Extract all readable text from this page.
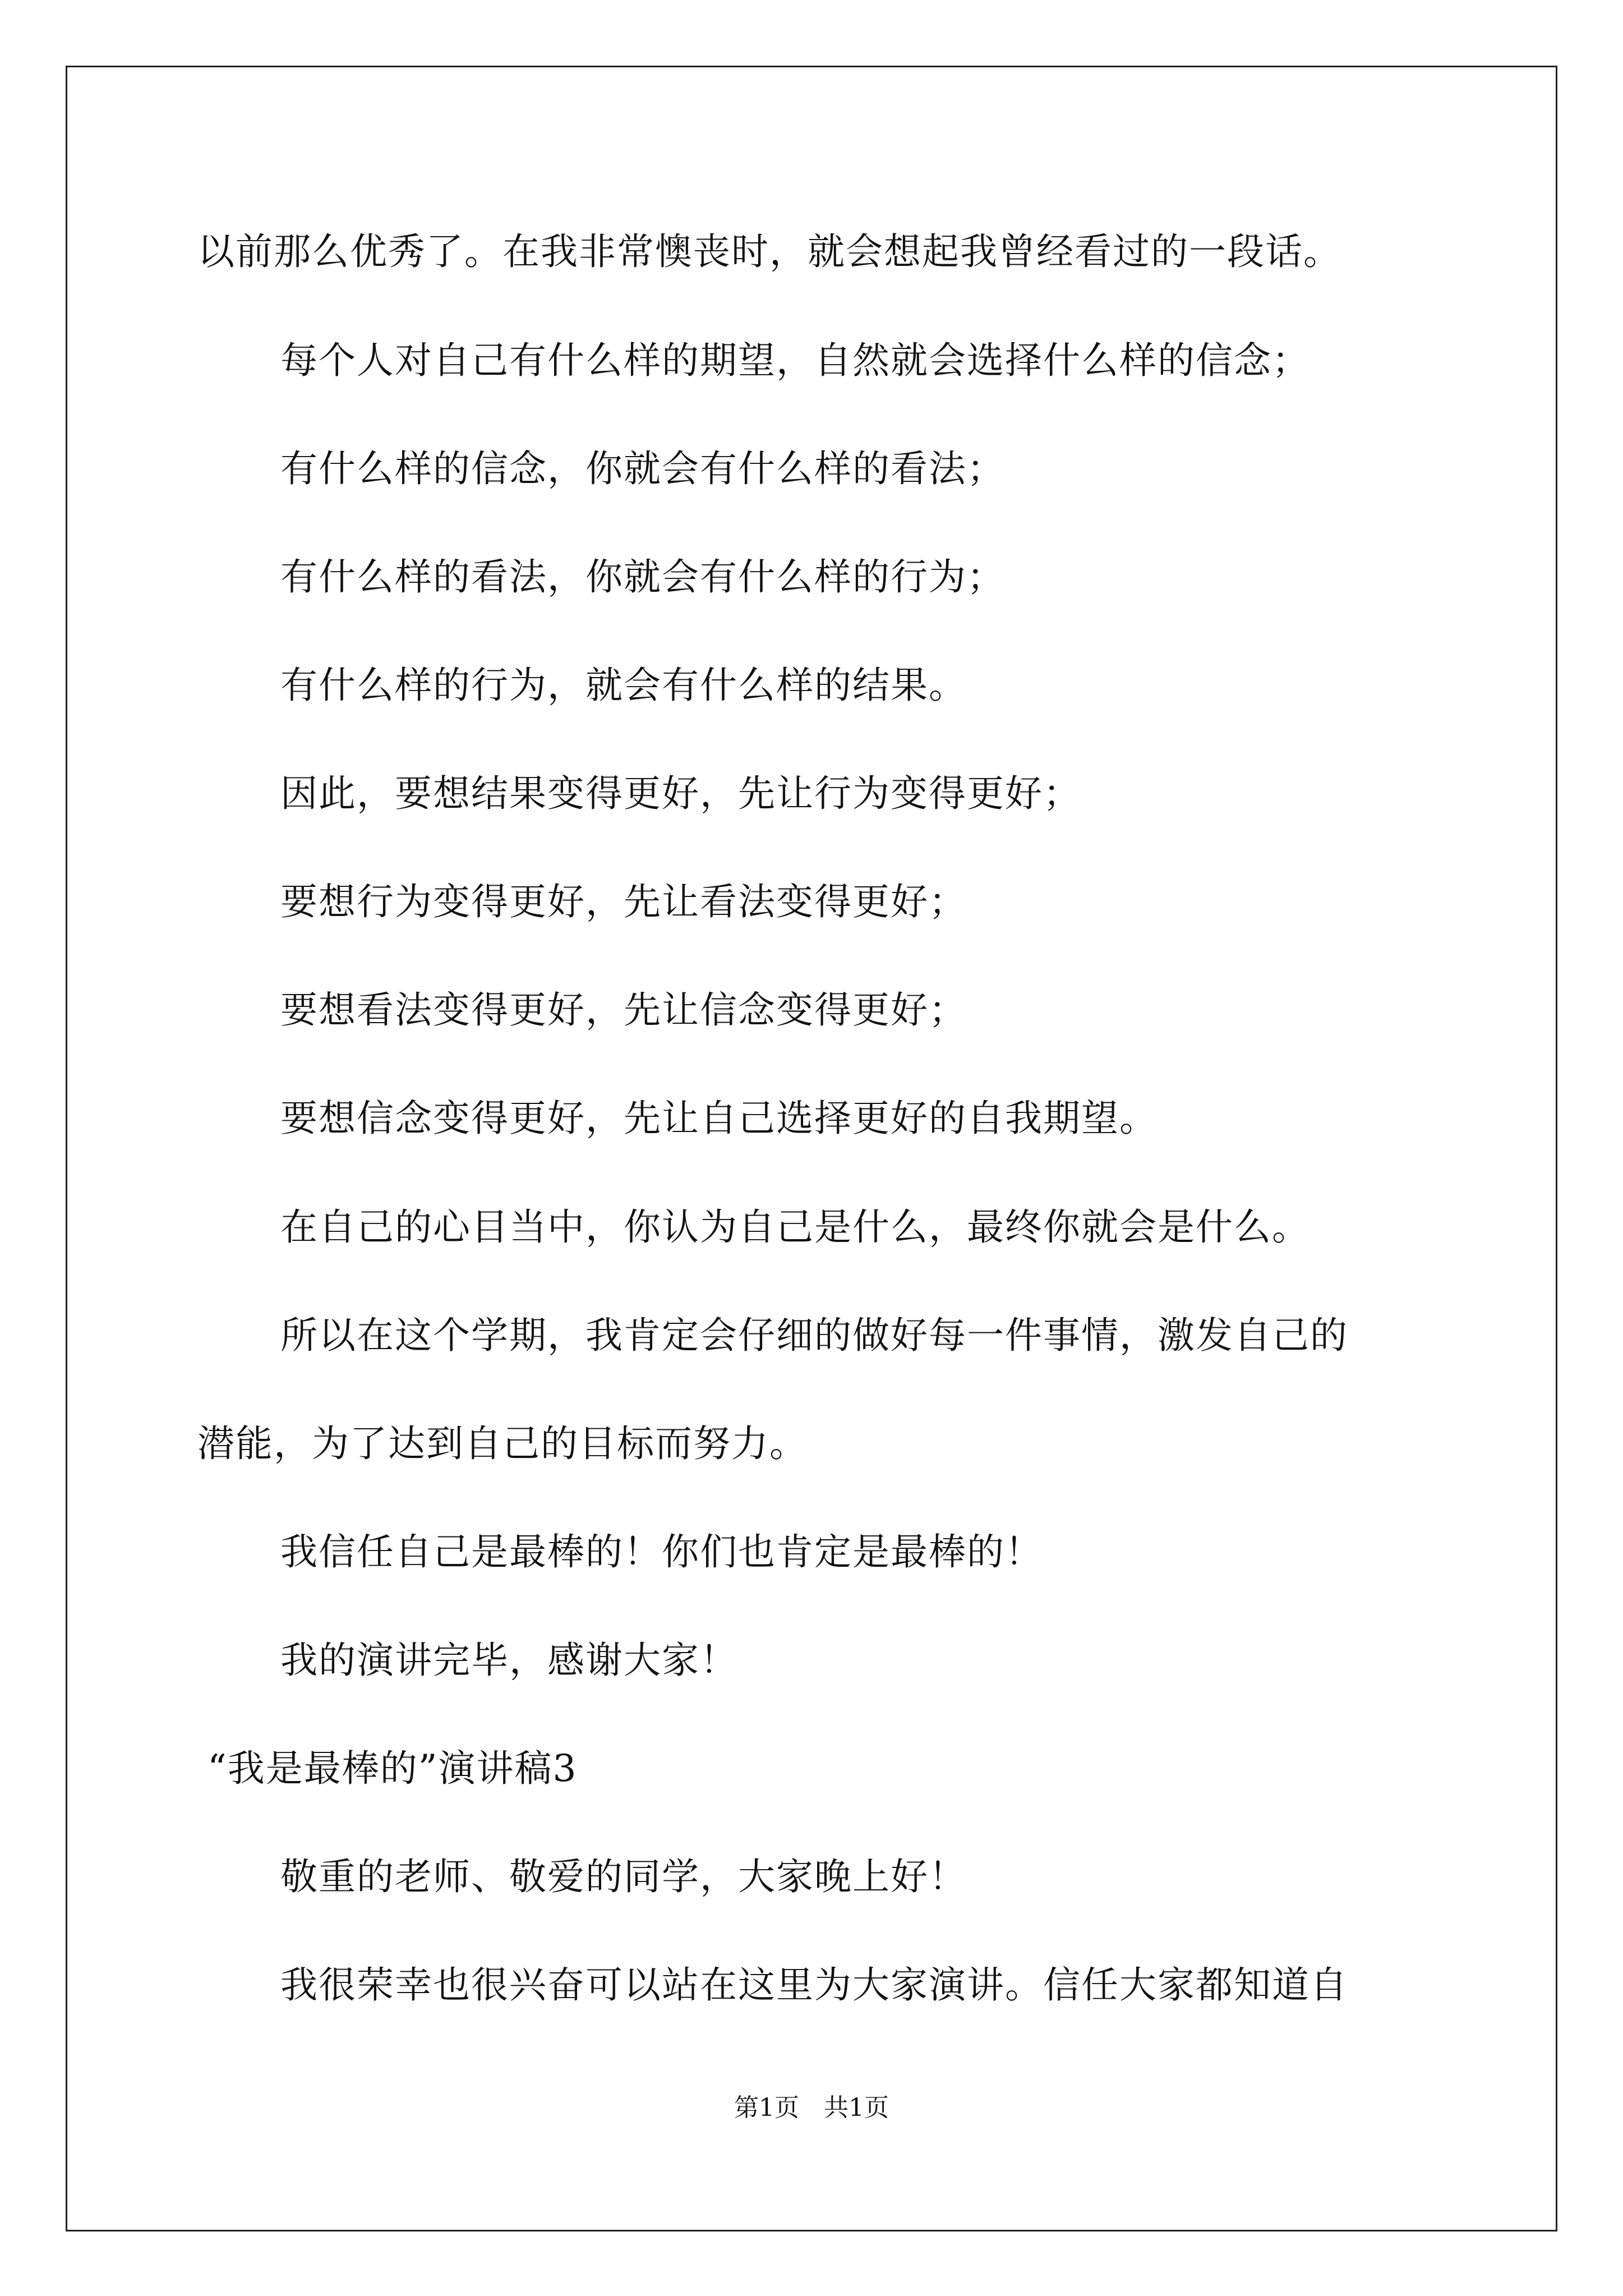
以前那么优秀了。在我非常懊丧时，就会想起我曾经看过的一段话。
每个人对自己有什么样的期望，自然就会选择什么样的信念；
有什么样的信念，你就会有什么样的看法；
有什么样的看法，你就会有什么样的行为；
有什么样的行为，就会有什么样的结果。
因此，要想结果变得更好，先让行为变得更好；
要想行为变得更好，先让看法变得更好；
要想看法变得更好，先让信念变得更好；
要想信念变得更好，先让自己选择更好的自我期望。
在自己的心目当中，你认为自己是什么，最终你就会是什么。
所以在这个学期，我肯定会仔细的做好每一件事情，激发自己的
潜能，为了达到自己的目标而努力。
我信任自己是最棒的！你们也肯定是最棒的！
我的演讲完毕，感谢大家！
“我是最棒的”演讲稿3
敬重的老师、敬爱的同学，大家晚上好！
我很荣幸也很兴奋可以站在这里为大家演讲。信任大家都知道自
第1页　共1页
